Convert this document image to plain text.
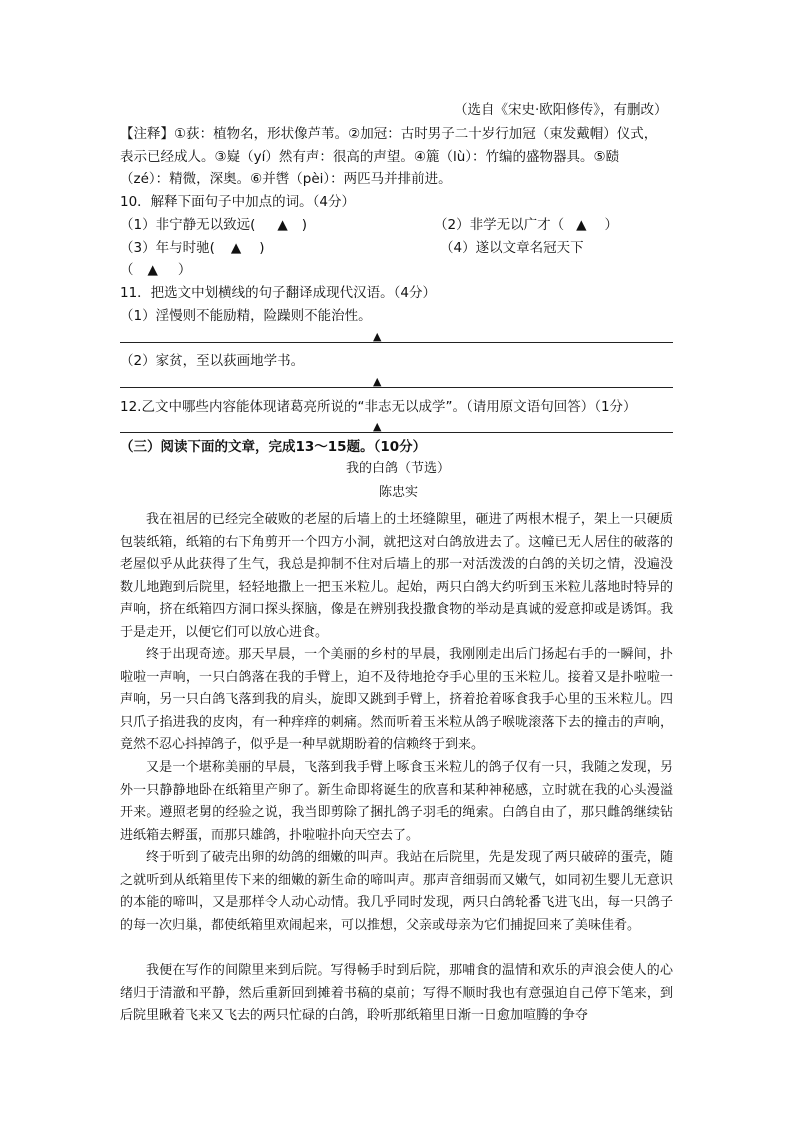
（选自《宋史·欧阳修传》，有删改）
【注释】①荻：植物名，形状像芦苇。②加冠：古时男子二十岁行加冠（束发戴帽）仪式，
表示已经成人。③嶷（yí）然有声：很高的声望。④簏（lù）：竹编的盛物器具。⑤赜
（zé）：精微，深奥。⑥并辔（pèi）：两匹马并排前进。
10．解释下面句子中加点的词。（4分）
（1）非宁静无以致远( ▲ )	（2）非学无以广才（ ▲ ）
（3）年与时驰( ▲ )	（4）遂以文章名冠天下
（ ▲ ）
11．把选文中划横线的句子翻译成现代汉语。（4分）
（1）淫慢则不能励精，险躁则不能治性。
▲
（2）家贫，至以荻画地学书。
▲
12.乙文中哪些内容能体现诸葛亮所说的“非志无以成学”。（请用原文语句回答）（1分）
▲
（三）阅读下面的文章，完成13～15题。（10分）
我的白鸽（节选）
陈忠实

我在祖居的已经完全破败的老屋的后墙上的土坯缝隙里，砸进了两根木棍子，架上一只硬质包装纸箱，纸箱的右下角剪开一个四方小洞，就把这对白鸽放进去了。这幢已无人居住的破落的老屋似乎从此获得了生气，我总是抑制不住对后墙上的那一对活泼泼的白鸽的关切之情，没遍没数儿地跑到后院里，轻轻地撒上一把玉米粒儿。起始，两只白鸽大约听到玉米粒儿落地时特异的声响，挤在纸箱四方洞口探头探脑，像是在辨别我投撒食物的举动是真诚的爱意抑或是诱饵。我于是走开，以便它们可以放心进食。

终于出现奇迹。那天早晨，一个美丽的乡村的早晨，我刚刚走出后门扬起右手的一瞬间，扑啦啦一声响，一只白鸽落在我的手臂上，迫不及待地抢夺手心里的玉米粒儿。接着又是扑啦啦一声响，另一只白鸽飞落到我的肩头，旋即又跳到手臂上，挤着抢着啄食我手心里的玉米粒儿。四只爪子掐进我的皮肉，有一种痒痒的刺痛。然而听着玉米粒从鸽子喉咙滚落下去的撞击的声响，竟然不忍心抖掉鸽子，似乎是一种早就期盼着的信赖终于到来。

又是一个堪称美丽的早晨，飞落到我手臂上啄食玉米粒儿的鸽子仅有一只，我随之发现，另外一只静静地卧在纸箱里产卵了。新生命即将诞生的欣喜和某种神秘感，立时就在我的心头漫溢开来。遵照老舅的经验之说，我当即剪除了捆扎鸽子羽毛的绳索。白鸽自由了，那只雌鸽继续钻进纸箱去孵蛋，而那只雄鸽，扑啦啦扑向天空去了。

终于听到了破壳出卵的幼鸽的细嫩的叫声。我站在后院里，先是发现了两只破碎的蛋壳，随之就听到从纸箱里传下来的细嫩的新生命的啼叫声。那声音细弱而又嫩气，如同初生婴儿无意识的本能的啼叫，又是那样令人动心动情。我几乎同时发现，两只白鸽轮番飞进飞出，每一只鸽子的每一次归巢，都使纸箱里欢闹起来，可以推想，父亲或母亲为它们捕捉回来了美味佳肴。

我便在写作的间隙里来到后院。写得畅手时到后院，那哺食的温情和欢乐的声浪会使人的心绪归于清澈和平静，然后重新回到摊着书稿的桌前；写得不顺时我也有意强迫自己停下笔来，到后院里瞅着飞来又飞去的两只忙碌的白鸽，聆听那纸箱里日渐一日愈加喧腾的争夺
